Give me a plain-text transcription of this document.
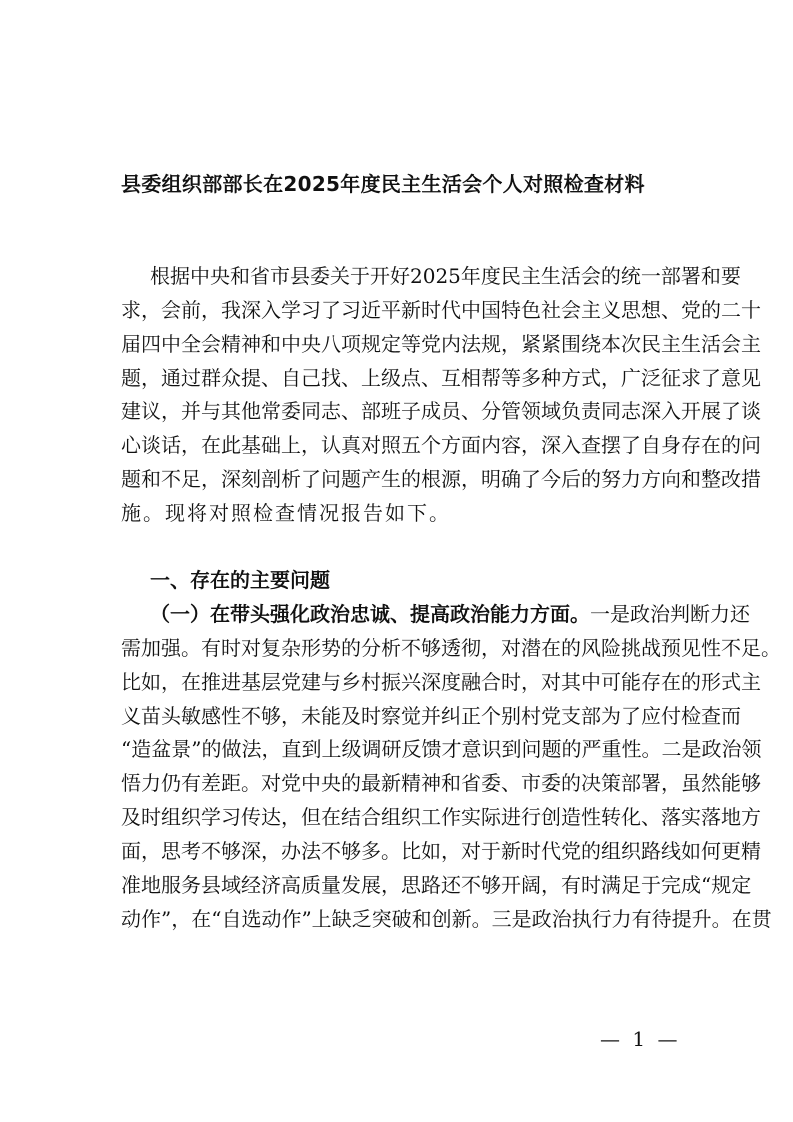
县委组织部部长在2025年度民主生活会个人对照检查材料
根据中央和省市县委关于开好2025年度民主生活会的统一部署和要
求，会前，我深入学习了习近平新时代中国特色社会主义思想、党的二十
届四中全会精神和中央八项规定等党内法规，紧紧围绕本次民主生活会主
题，通过群众提、自己找、上级点、互相帮等多种方式，广泛征求了意见
建议，并与其他常委同志、部班子成员、分管领域负责同志深入开展了谈
心谈话，在此基础上，认真对照五个方面内容，深入查摆了自身存在的问
题和不足，深刻剖析了问题产生的根源，明确了今后的努力方向和整改措
施。现将对照检查情况报告如下。
一、存在的主要问题
（一）在带头强化政治忠诚、提高政治能力方面。一是政治判断力还
需加强。有时对复杂形势的分析不够透彻，对潜在的风险挑战预见性不足。
比如，在推进基层党建与乡村振兴深度融合时，对其中可能存在的形式主
义苗头敏感性不够，未能及时察觉并纠正个别村党支部为了应付检查而
“造盆景”的做法，直到上级调研反馈才意识到问题的严重性。二是政治领
悟力仍有差距。对党中央的最新精神和省委、市委的决策部署，虽然能够
及时组织学习传达，但在结合组织工作实际进行创造性转化、落实落地方
面，思考不够深，办法不够多。比如，对于新时代党的组织路线如何更精
准地服务县域经济高质量发展，思路还不够开阔，有时满足于完成“规定
动作”，在“自选动作”上缺乏突破和创新。三是政治执行力有待提升。在贯
— 1 —
